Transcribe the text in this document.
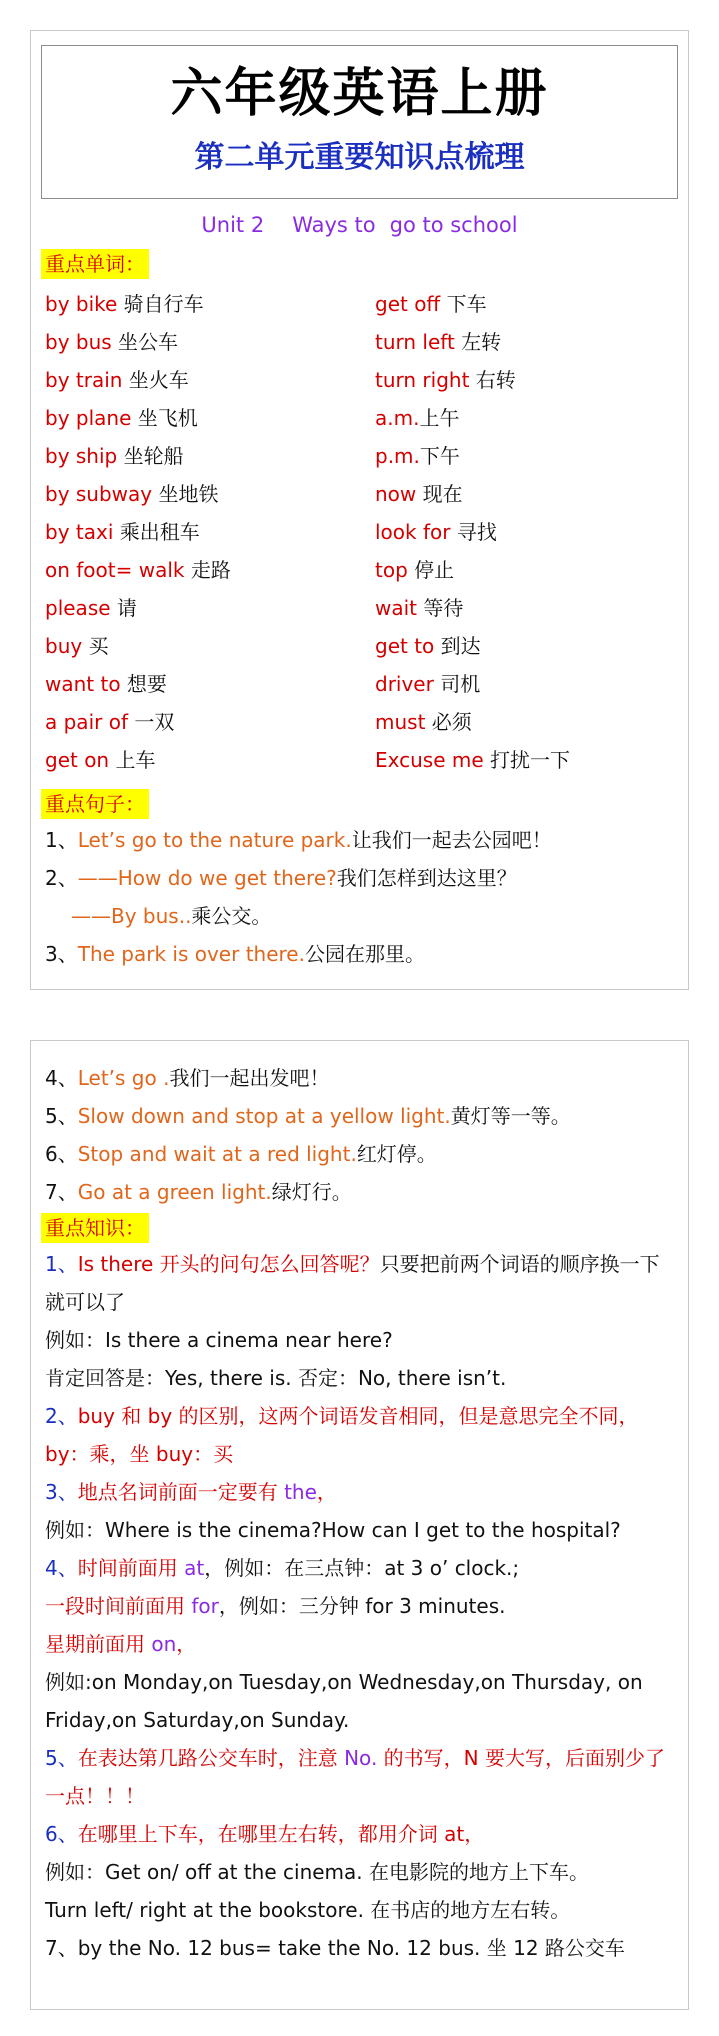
六年级英语上册
第二单元重要知识点梳理
Unit 2 Ways to go to school
重点单词：
by bike 骑自行车	get off 下车
by bus 坐公车	turn left 左转
by train 坐火车	turn right 右转
by plane 坐飞机	a.m.上午
by ship 坐轮船	p.m.下午
by subway 坐地铁	now 现在
by taxi 乘出租车	look for 寻找
on foot= walk 走路	top 停止
please 请	wait 等待
buy 买	get to 到达
want to 想要	driver 司机
a pair of 一双	must 必须
get on 上车	Excuse me 打扰一下
重点句子：
1、Let’s go to the nature park.让我们一起去公园吧！
2、——How do we get there?我们怎样到达这里？
——By bus..乘公交。
3、The park is over there.公园在那里。
4、Let’s go .我们一起出发吧！
5、Slow down and stop at a yellow light.黄灯等一等。
6、Stop and wait at a red light.红灯停。
7、Go at a green light.绿灯行。
重点知识：
1、Is there 开头的问句怎么回答呢？只要把前两个词语的顺序换一下就可以了
例如：Is there a cinema near here?
肯定回答是：Yes, there is. 否定：No, there isn’t.
2、buy 和 by 的区别，这两个词语发音相同，但是意思完全不同，by：乘，坐 buy：买
3、地点名词前面一定要有 the，
例如：Where is the cinema?How can I get to the hospital?
4、时间前面用 at，例如：在三点钟：at 3 o’ clock.;
一段时间前面用 for，例如：三分钟 for 3 minutes.
星期前面用 on，
例如:on Monday,on Tuesday,on Wednesday,on Thursday, on Friday,on Saturday,on Sunday.
5、在表达第几路公交车时，注意 No. 的书写，N 要大写，后面别少了一点！！！
6、在哪里上下车，在哪里左右转，都用介词 at，
例如：Get on/ off at the cinema. 在电影院的地方上下车。
Turn left/ right at the bookstore. 在书店的地方左右转。
7、by the No. 12 bus= take the No. 12 bus. 坐 12 路公交车
